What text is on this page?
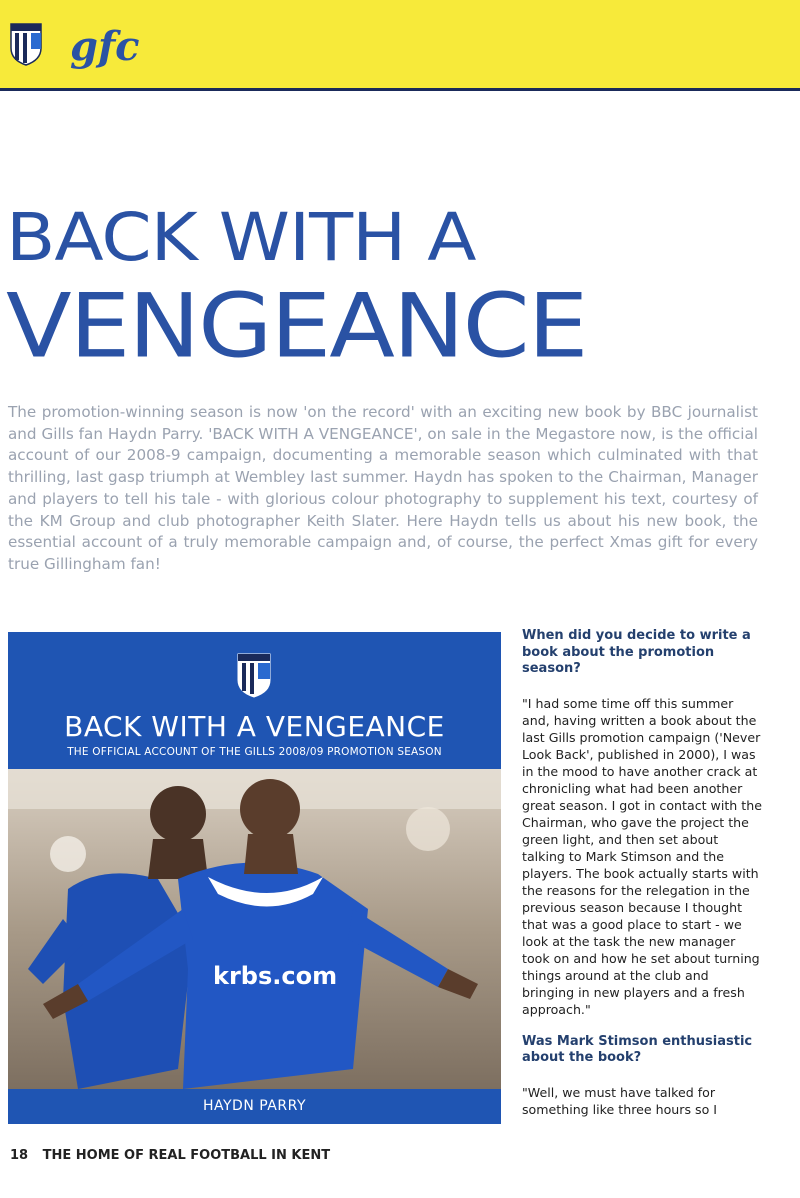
gfc
BACK WITH A
VENGEANCE

The promotion-winning season is now 'on the record' with an exciting new book by BBC journalist and Gills fan Haydn Parry. 'BACK WITH A VENGEANCE', on sale in the Megastore now, is the official account of our 2008-9 campaign, documenting a memorable season which culminated with that thrilling, last gasp triumph at Wembley last summer. Haydn has spoken to the Chairman, Manager and players to tell his tale - with glorious colour photography to supplement his text, courtesy of the KM Group and club photographer Keith Slater. Here Haydn tells us about his new book, the essential account of a truly memorable campaign and, of course, the perfect Xmas gift for every true Gillingham fan!

BACK WITH A VENGEANCE
THE OFFICIAL ACCOUNT OF THE GILLS 2008/09 PROMOTION SEASON
krbs.com
HAYDN PARRY
When did you decide to write a book about the promotion season?

"I had some time off this summer and, having written a book about the last Gills promotion campaign ('Never Look Back', published in 2000), I was in the mood to have another crack at chronicling what had been another great season. I got in contact with the Chairman, who gave the project the green light, and then set about talking to Mark Stimson and the players. The book actually starts with the reasons for the relegation in the previous season because I thought that was a good place to start - we look at the task the new manager took on and how he set about turning things around at the club and bringing in new players and a fresh approach."

Was Mark Stimson enthusiastic about the book?

"Well, we must have talked for something like three hours so I

18 THE HOME OF REAL FOOTBALL IN KENT
